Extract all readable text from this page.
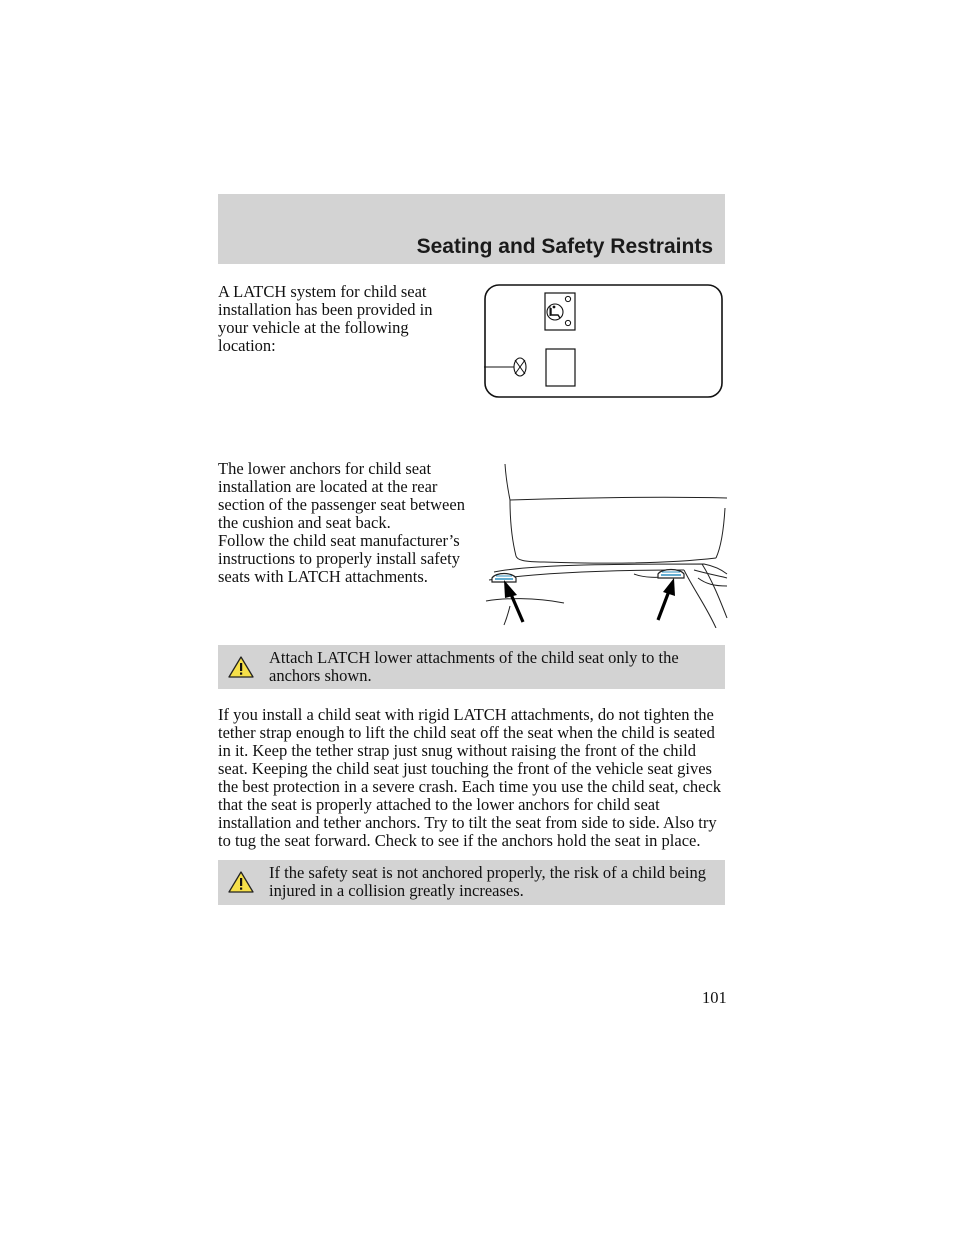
Seating and Safety Restraints

A LATCH system for child seat installation has been provided in your vehicle at the following location:

The lower anchors for child seat installation are located at the rear section of the passenger seat between the cushion and seat back.

Follow the child seat manufacturer’s instructions to properly install safety seats with LATCH attachments.

Attach LATCH lower attachments of the child seat only to the anchors shown.

If you install a child seat with rigid LATCH attachments, do not tighten the tether strap enough to lift the child seat off the seat when the child is seated in it. Keep the tether strap just snug without raising the front of the child seat. Keeping the child seat just touching the front of the vehicle seat gives the best protection in a severe crash. Each time you use the child seat, check that the seat is properly attached to the lower anchors for child seat installation and tether anchors. Try to tilt the seat from side to side. Also try to tug the seat forward. Check to see if the anchors hold the seat in place.

If the safety seat is not anchored properly, the risk of a child being injured in a collision greatly increases.

101
